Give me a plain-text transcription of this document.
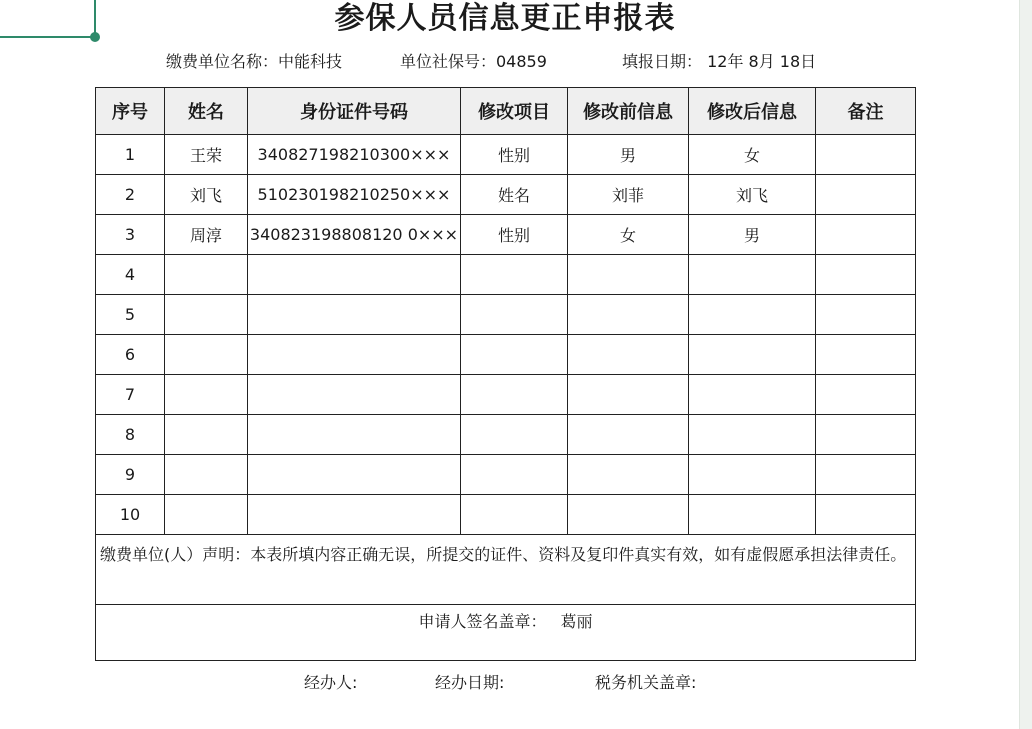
参保人员信息更正申报表
缴费单位名称：中能科技	单位社保号：04859	填报日期： 12年 8月 18日
序号	姓名	身份证件号码	修改项目	修改前信息	修改后信息	备注
1	王荣	340827198210300×××	性别	男	女	
2	刘飞	510230198210250×××	姓名	刘菲	刘飞	
3	周淳	340823198808120 0×××	性别	女	男	
4						
5						
6						
7						
8						
9						
10						
缴费单位(人）声明：本表所填内容正确无误，所提交的证件、资料及复印件真实有效，如有虚假愿承担法律责任。						
申请人签名盖章： 葛丽						
经办人:	经办日期:	税务机关盖章:
